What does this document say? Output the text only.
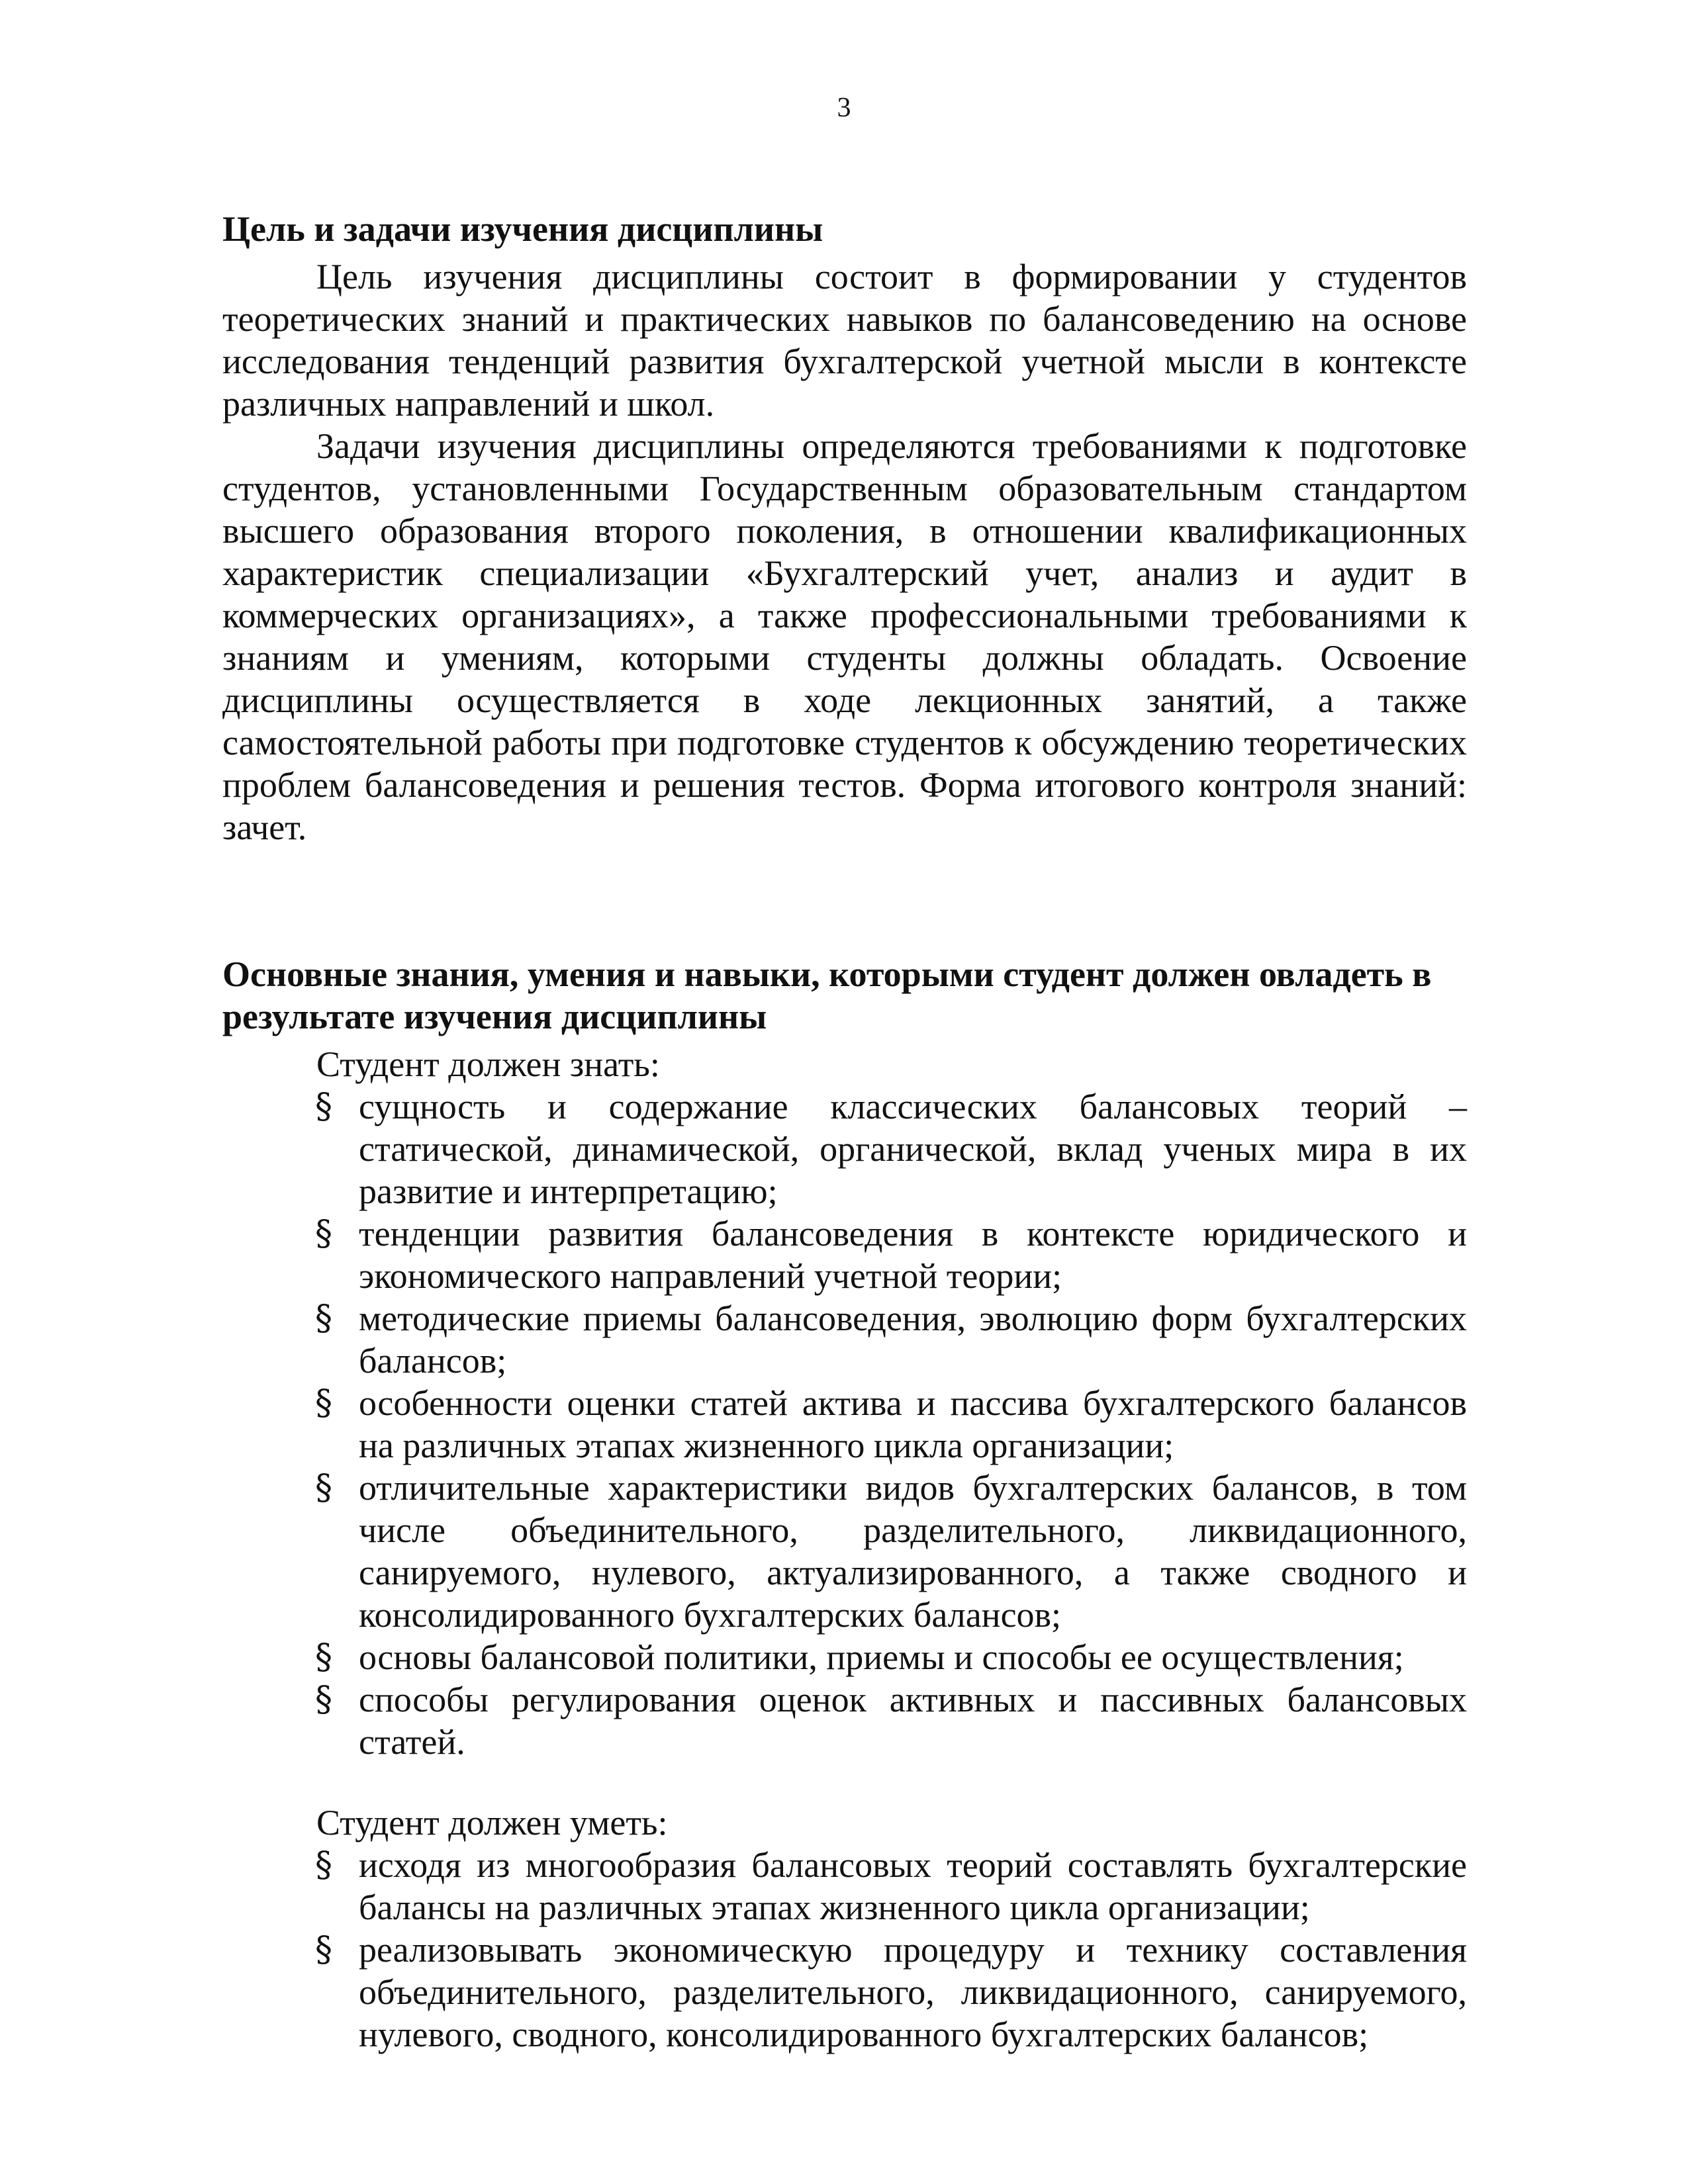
3
Цель и задачи изучения дисциплины

Цель изучения дисциплины состоит в формировании у студентов теоретических знаний и практических навыков по балансоведению на основе исследования тенденций развития бухгалтерской учетной мысли в контексте различных направлений и школ.

Задачи изучения дисциплины определяются требованиями к подготовке студентов, установленными Государственным образовательным стандартом высшего образования второго поколения, в отношении квалификационных характеристик специализации «Бухгалтерский учет, анализ и аудит в коммерческих организациях», а также профессиональными требованиями к знаниям и умениям, которыми студенты должны обладать. Освоение дисциплины осуществляется в ходе лекционных занятий, а также самостоятельной работы при подготовке студентов к обсуждению теоретических проблем балансоведения и решения тестов. Форма итогового контроля знаний: зачет.

Основные знания, умения и навыки, которыми студент должен овладеть в результате изучения дисциплины
Студент должен знать:
§ сущность и содержание классических балансовых теорий – статической, динамической, органической, вклад ученых мира в их развитие и интерпретацию;
§ тенденции развития балансоведения в контексте юридического и экономического направлений учетной теории;
§ методические приемы балансоведения, эволюцию форм бухгалтерских балансов;
§ особенности оценки статей актива и пассива бухгалтерского балансов на различных этапах жизненного цикла организации;
§ отличительные характеристики видов бухгалтерских балансов, в том числе объединительного, разделительного, ликвидационного, санируемого, нулевого, актуализированного, а также сводного и консолидированного бухгалтерских балансов;
§ основы балансовой политики, приемы и способы ее осуществления;
§ способы регулирования оценок активных и пассивных балансовых статей.
Студент должен уметь:
§ исходя из многообразия балансовых теорий составлять бухгалтерские балансы на различных этапах жизненного цикла организации;
§ реализовывать экономическую процедуру и технику составления объединительного, разделительного, ликвидационного, санируемого, нулевого, сводного, консолидированного бухгалтерских балансов;
